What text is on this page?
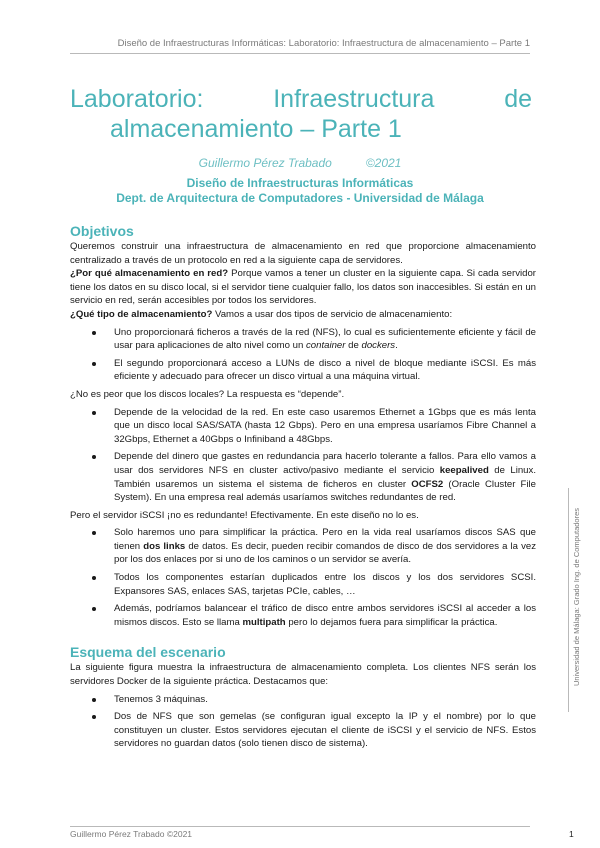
Diseño de Infraestructuras Informáticas: Laboratorio: Infraestructura de almacenamiento – Parte 1
Laboratorio:	Infraestructura	de
almacenamiento – Parte 1
Guillermo Pérez Trabado	©2021
Diseño de Infraestructuras Informáticas
Dept. de Arquitectura de Computadores - Universidad de Málaga
Objetivos

Queremos construir una infraestructura de almacenamiento en red que proporcione almacenamiento centralizado a través de un protocolo en red a la siguiente capa de servidores.

¿Por qué almacenamiento en red? Porque vamos a tener un cluster en la siguiente capa. Si cada servidor tiene los datos en su disco local, si el servidor tiene cualquier fallo, los datos son inaccesibles. Si están en un servicio en red, serán accesibles por todos los servidores.

¿Qué tipo de almacenamiento? Vamos a usar dos tipos de servicio de almacenamiento:

Uno proporcionará ficheros a través de la red (NFS), lo cual es suficientemente eficiente y fácil de usar para aplicaciones de alto nivel como un container de dockers.
El segundo proporcionará acceso a LUNs de disco a nivel de bloque mediante iSCSI. Es más eficiente y adecuado para ofrecer un disco virtual a una máquina virtual.

¿No es peor que los discos locales? La respuesta es “depende”.

Depende de la velocidad de la red. En este caso usaremos Ethernet a 1Gbps que es más lenta que un disco local SAS/SATA (hasta 12 Gbps). Pero en una empresa usaríamos Fibre Channel a 32Gbps, Ethernet a 40Gbps o Infiniband a 48Gbps.
Depende del dinero que gastes en redundancia para hacerlo tolerante a fallos. Para ello vamos a usar dos servidores NFS en cluster activo/pasivo mediante el servicio keepalived de Linux. También usaremos un sistema el sistema de ficheros en cluster OCFS2 (Oracle Cluster File System). En una empresa real además usaríamos switches redundantes de red.

Pero el servidor iSCSI ¡no es redundante! Efectivamente. En este diseño no lo es.

Solo haremos uno para simplificar la práctica. Pero en la vida real usaríamos discos SAS que tienen dos links de datos. Es decir, pueden recibir comandos de disco de dos servidores a la vez por los dos enlaces por si uno de los caminos o un servidor se avería.
Todos los componentes estarían duplicados entre los discos y los dos servidores SCSI. Expansores SAS, enlaces SAS, tarjetas PCIe, cables, …
Además, podríamos balancear el tráfico de disco entre ambos servidores iSCSI al acceder a los mismos discos. Esto se llama multipath pero lo dejamos fuera para simplificar la práctica.
Esquema del escenario

La siguiente figura muestra la infraestructura de almacenamiento completa. Los clientes NFS serán los servidores Docker de la siguiente práctica. Destacamos que:

Tenemos 3 máquinas.
Dos de NFS que son gemelas (se configuran igual excepto la IP y el nombre) por lo que constituyen un cluster. Estos servidores ejecutan el cliente de iSCSI y el servicio de NFS. Estos servidores no guardan datos (solo tienen disco de sistema).
Universidad de Málaga: Grado Ing. de Computadores
Guillermo Pérez Trabado ©2021	1
